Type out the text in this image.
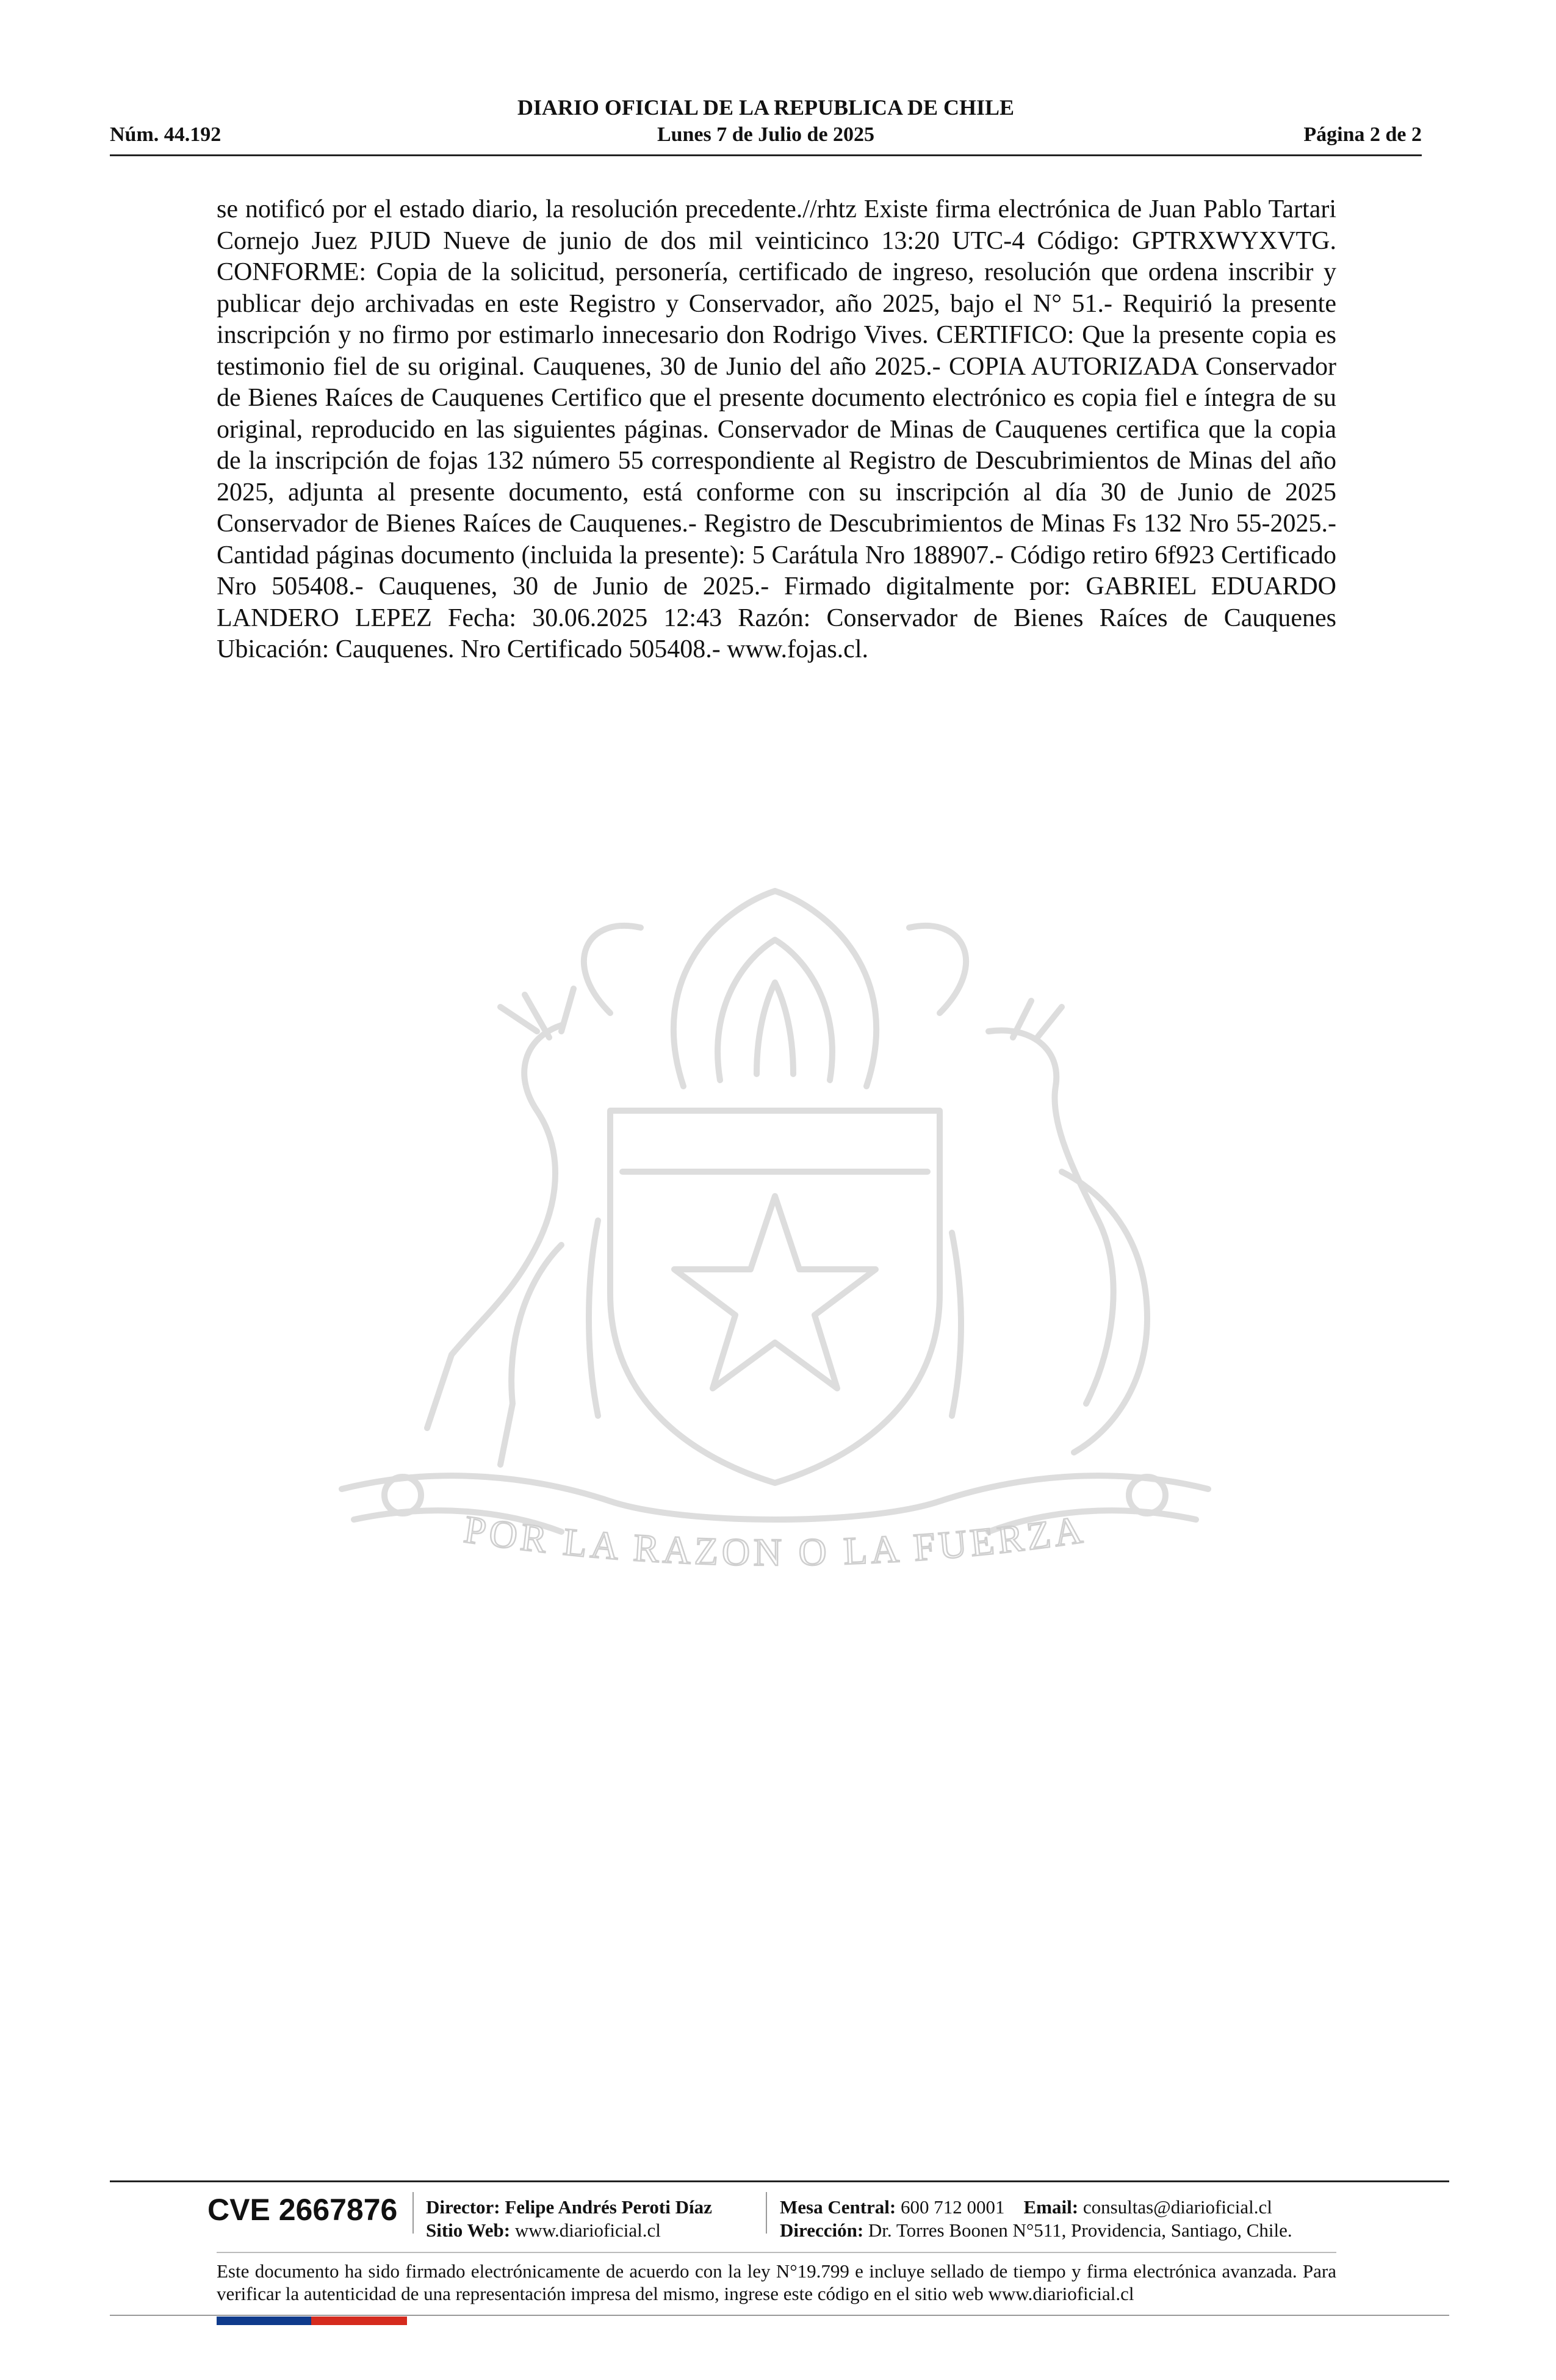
DIARIO OFICIAL DE LA REPUBLICA DE CHILE
Núm. 44.192	Lunes 7 de Julio de 2025	Página 2 de 2
se notificó por el estado diario, la resolución precedente.//rhtz Existe firma electrónica de Juan Pablo Tartari Cornejo Juez PJUD Nueve de junio de dos mil veinticinco 13:20 UTC-4 Código: GPTRXWYXVTG. CONFORME: Copia de la solicitud, personería, certificado de ingreso, resolución que ordena inscribir y publicar dejo archivadas en este Registro y Conservador, año 2025, bajo el N° 51.- Requirió la presente inscripción y no firmo por estimarlo innecesario don Rodrigo Vives. CERTIFICO: Que la presente copia es testimonio fiel de su original. Cauquenes, 30 de Junio del año 2025.- COPIA AUTORIZADA Conservador de Bienes Raíces de Cauquenes Certifico que el presente documento electrónico es copia fiel e íntegra de su original, reproducido en las siguientes páginas. Conservador de Minas de Cauquenes certifica que la copia de la inscripción de fojas 132 número 55 correspondiente al Registro de Descubrimientos de Minas del año 2025, adjunta al presente documento, está conforme con su inscripción al día 30 de Junio de 2025 Conservador de Bienes Raíces de Cauquenes.- Registro de Descubrimientos de Minas Fs 132 Nro 55-2025.- Cantidad páginas documento (incluida la presente): 5 Carátula Nro 188907.- Código retiro 6f923 Certificado Nro 505408.- Cauquenes, 30 de Junio de 2025.- Firmado digitalmente por: GABRIEL EDUARDO LANDERO LEPEZ Fecha: 30.06.2025 12:43 Razón: Conservador de Bienes Raíces de Cauquenes Ubicación: Cauquenes. Nro Certificado 505408.- www.fojas.cl.
POR LA RAZON O LA FUERZA
CVE 2667876 Director: Felipe Andrés Peroti Díaz
Sitio Web: www.diarioficial.cl
Mesa Central: 600 712 0001 Email: consultas@diarioficial.cl
Dirección: Dr. Torres Boonen N°511, Providencia, Santiago, Chile.
Este documento ha sido firmado electrónicamente de acuerdo con la ley N°19.799 e incluye sellado de tiempo y firma electrónica avanzada. Para verificar la autenticidad de una representación impresa del mismo, ingrese este código en el sitio web www.diarioficial.cl
